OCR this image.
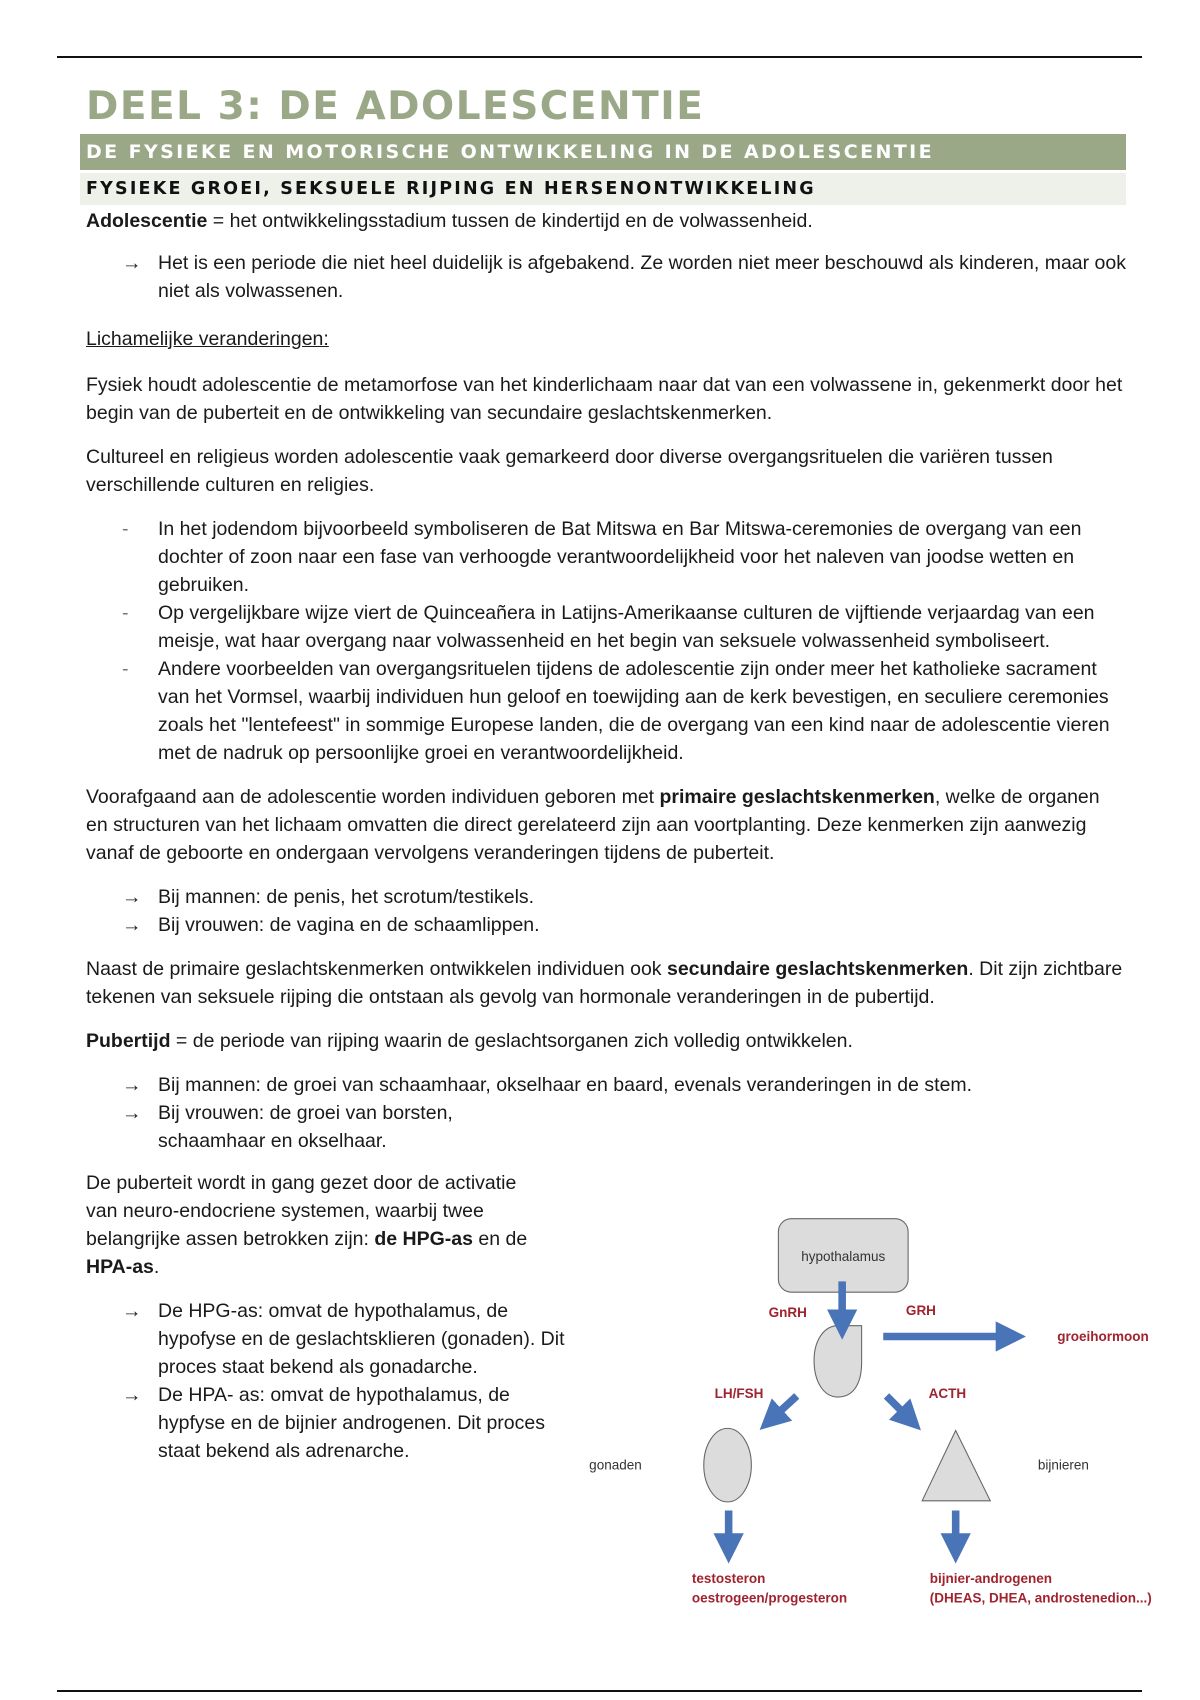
DEEL 3: DE ADOLESCENTIE
DE FYSIEKE EN MOTORISCHE ONTWIKKELING IN DE ADOLESCENTIE
FYSIEKE GROEI, SEKSUELE RIJPING EN HERSENONTWIKKELING

Adolescentie = het ontwikkelingsstadium tussen de kindertijd en de volwassenheid.

→ Het is een periode die niet heel duidelijk is afgebakend. Ze worden niet meer beschouwd als kinderen, maar ook niet als volwassenen.

Lichamelijke veranderingen:

Fysiek houdt adolescentie de metamorfose van het kinderlichaam naar dat van een volwassene in, gekenmerkt door het begin van de puberteit en de ontwikkeling van secundaire geslachtskenmerken.

Cultureel en religieus worden adolescentie vaak gemarkeerd door diverse overgangsrituelen die variëren tussen verschillende culturen en religies.

- In het jodendom bijvoorbeeld symboliseren de Bat Mitswa en Bar Mitswa-ceremonies de overgang van een dochter of zoon naar een fase van verhoogde verantwoordelijkheid voor het naleven van joodse wetten en gebruiken.
- Op vergelijkbare wijze viert de Quinceañera in Latijns-Amerikaanse culturen de vijftiende verjaardag van een meisje, wat haar overgang naar volwassenheid en het begin van seksuele volwassenheid symboliseert.
- Andere voorbeelden van overgangsrituelen tijdens de adolescentie zijn onder meer het katholieke sacrament van het Vormsel, waarbij individuen hun geloof en toewijding aan de kerk bevestigen, en seculiere ceremonies zoals het "lentefeest" in sommige Europese landen, die de overgang van een kind naar de adolescentie vieren met de nadruk op persoonlijke groei en verantwoordelijkheid.

Voorafgaand aan de adolescentie worden individuen geboren met primaire geslachtskenmerken, welke de organen en structuren van het lichaam omvatten die direct gerelateerd zijn aan voortplanting. Deze kenmerken zijn aanwezig vanaf de geboorte en ondergaan vervolgens veranderingen tijdens de puberteit.

→ Bij mannen: de penis, het scrotum/testikels.
→ Bij vrouwen: de vagina en de schaamlippen.

Naast de primaire geslachtskenmerken ontwikkelen individuen ook secundaire geslachtskenmerken. Dit zijn zichtbare tekenen van seksuele rijping die ontstaan als gevolg van hormonale veranderingen in de pubertijd.

Pubertijd = de periode van rijping waarin de geslachtsorganen zich volledig ontwikkelen.

→ Bij mannen: de groei van schaamhaar, okselhaar en baard, evenals veranderingen in de stem.
→ Bij vrouwen: de groei van borsten, schaamhaar en okselhaar.

De puberteit wordt in gang gezet door de activatie van neuro-endocriene systemen, waarbij twee belangrijke assen betrokken zijn: de HPG-as en de HPA-as.

→ De HPG-as: omvat de hypothalamus, de hypofyse en de geslachtsklieren (gonaden). Dit proces staat bekend als gonadarche.
→ De HPA- as: omvat de hypothalamus, de hypfyse en de bijnier androgenen. Dit proces staat bekend als adrenarche.
hypothalamus
GnRH	GRH
groeihormoon
LH/FSH	ACTH
testosteron
oestrogeen/progesteron
bijnier-androgenen
(DHEAS, DHEA, androstenedion...)
gonaden	bijnieren
